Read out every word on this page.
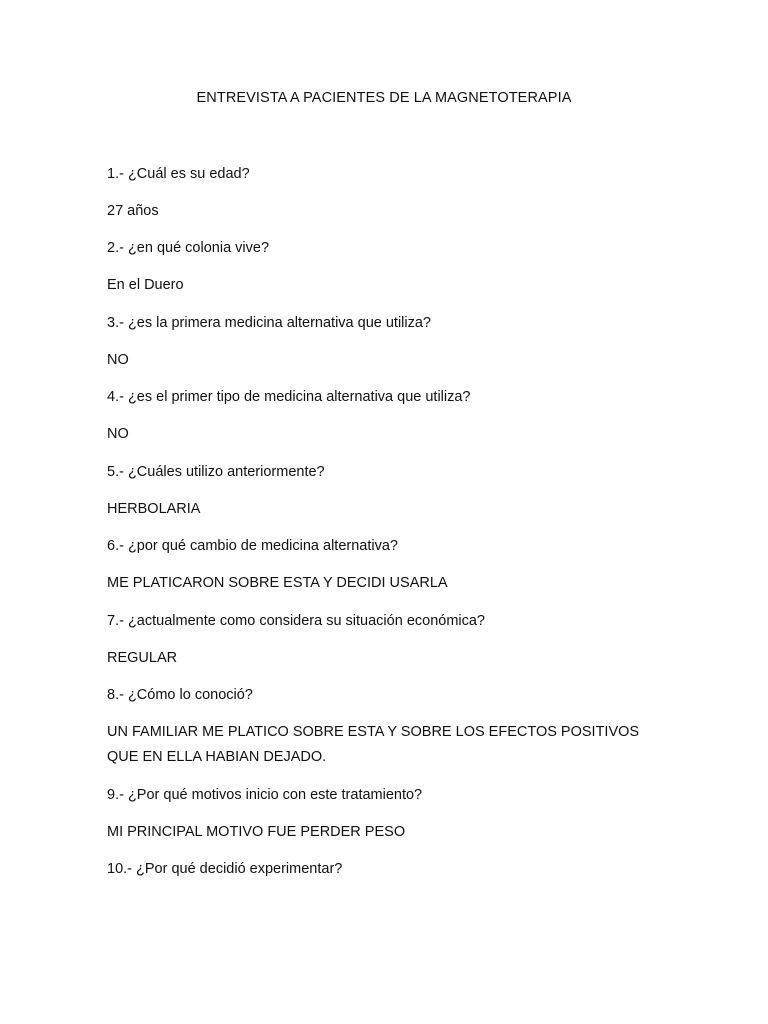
ENTREVISTA A PACIENTES DE LA MAGNETOTERAPIA
1.- ¿Cuál es su edad?
27 años
2.- ¿en qué colonia vive?
En el Duero
3.- ¿es la primera medicina alternativa que utiliza?
NO
4.- ¿es el primer tipo de medicina alternativa que utiliza?
NO
5.- ¿Cuáles utilizo anteriormente?
HERBOLARIA
6.- ¿por qué cambio de medicina alternativa?
ME PLATICARON SOBRE ESTA Y DECIDI USARLA
7.- ¿actualmente como considera su situación económica?
REGULAR
8.- ¿Cómo lo conoció?
UN FAMILIAR ME PLATICO SOBRE ESTA Y SOBRE LOS EFECTOS POSITIVOS
QUE EN ELLA HABIAN DEJADO.
9.- ¿Por qué motivos inicio con este tratamiento?
MI PRINCIPAL MOTIVO FUE PERDER PESO
10.- ¿Por qué decidió experimentar?
